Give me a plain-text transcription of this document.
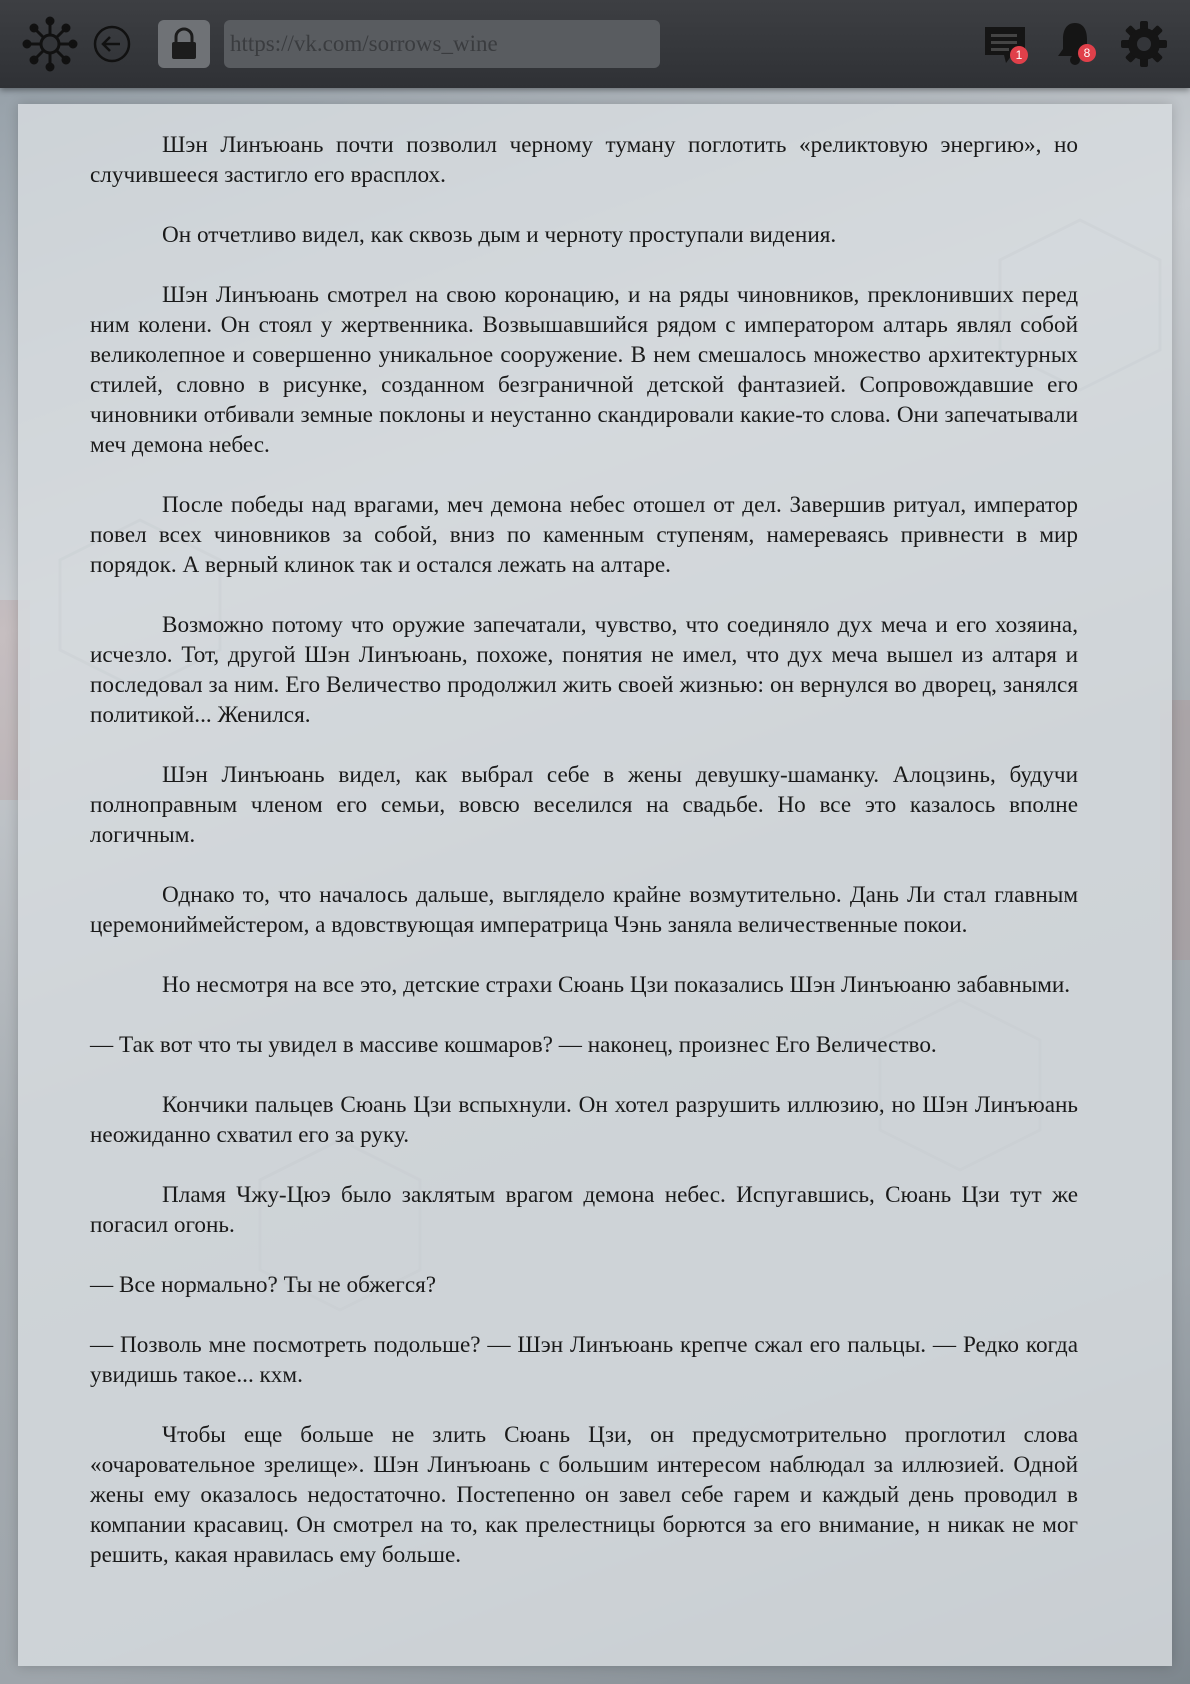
https://vk.com/sorrows_wine
1	8

Шэн Линъюань почти позволил черному туману поглотить «реликтовую энергию», но случившееся застигло его врасплох.

Он отчетливо видел, как сквозь дым и черноту проступали видения.

Шэн Линъюань смотрел на свою коронацию, и на ряды чиновников, преклонивших перед ним колени. Он стоял у жертвенника. Возвышавшийся рядом с императором алтарь являл собой великолепное и совершенно уникальное сооружение. В нем смешалось множество архитектурных стилей, словно в рисунке, созданном безграничной детской фантазией. Сопровождавшие его чиновники отбивали земные поклоны и неустанно скандировали какие-то слова. Они запечатывали меч демона небес.

После победы над врагами, меч демона небес отошел от дел. Завершив ритуал, император повел всех чиновников за собой, вниз по каменным ступеням, намереваясь привнести в мир порядок. А верный клинок так и остался лежать на алтаре.

Возможно потому что оружие запечатали, чувство, что соединяло дух меча и его хозяина, исчезло. Тот, другой Шэн Линъюань, похоже, понятия не имел, что дух меча вышел из алтаря и последовал за ним. Его Величество продолжил жить своей жизнью: он вернулся во дворец, занялся политикой... Женился.

Шэн Линъюань видел, как выбрал себе в жены девушку-шаманку. Алоцзинь, будучи полноправным членом его семьи, вовсю веселился на свадьбе. Но все это казалось вполне логичным.

Однако то, что началось дальше, выглядело крайне возмутительно. Дань Ли стал главным церемониймейстером, а вдовствующая императрица Чэнь заняла величественные покои.

Но несмотря на все это, детские страхи Сюань Цзи показались Шэн Линъюаню забавными.

— Так вот что ты увидел в массиве кошмаров? — наконец, произнес Его Величество.

Кончики пальцев Сюань Цзи вспыхнули. Он хотел разрушить иллюзию, но Шэн Линъюань неожиданно схватил его за руку.

Пламя Чжу-Цюэ было заклятым врагом демона небес. Испугавшись, Сюань Цзи тут же погасил огонь.

— Все нормально? Ты не обжегся?

— Позволь мне посмотреть подольше? — Шэн Линъюань крепче сжал его пальцы. — Редко когда увидишь такое... кхм.

Чтобы еще больше не злить Сюань Цзи, он предусмотрительно проглотил слова «очаровательное зрелище». Шэн Линъюань с большим интересом наблюдал за иллюзией. Одной жены ему оказалось недостаточно. Постепенно он завел себе гарем и каждый день проводил в компании красавиц. Он смотрел на то, как прелестницы борются за его внимание, н никак не мог решить, какая нравилась ему больше.
